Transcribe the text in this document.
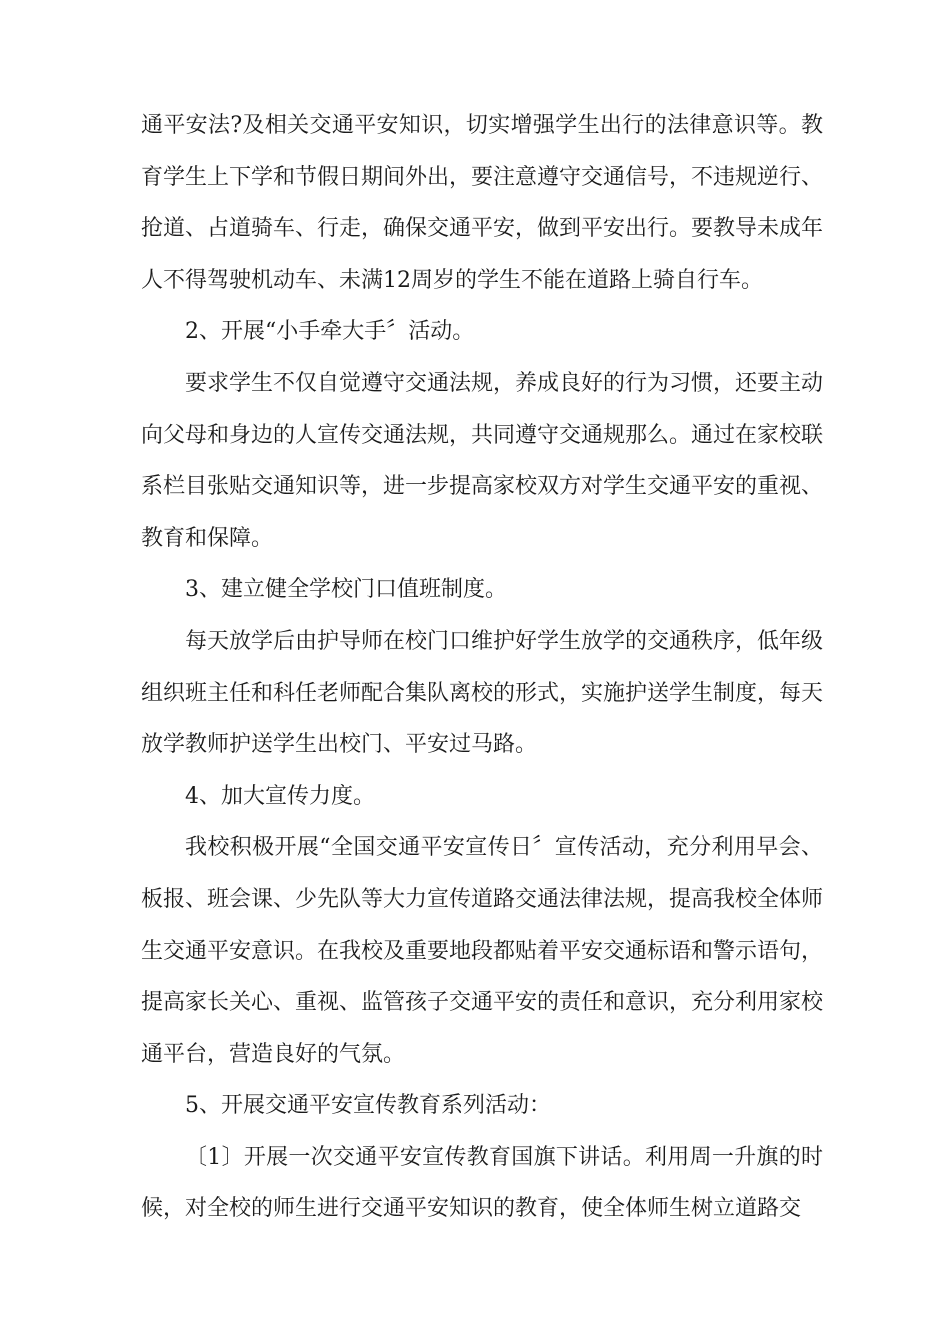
通平安法?及相关交通平安知识，切实增强学生出行的法律意识等。教育学生上下学和节假日期间外出，要注意遵守交通信号，不违规逆行、抢道、占道骑车、行走，确保交通平安，做到平安出行。要教导未成年人不得驾驶机动车、未满12周岁的学生不能在道路上骑自行车。

2、开展“小手牵大手〞活动。

要求学生不仅自觉遵守交通法规，养成良好的行为习惯，还要主动向父母和身边的人宣传交通法规，共同遵守交通规那么。通过在家校联系栏目张贴交通知识等，进一步提高家校双方对学生交通平安的重视、教育和保障。

3、建立健全学校门口值班制度。

每天放学后由护导师在校门口维护好学生放学的交通秩序，低年级组织班主任和科任老师配合集队离校的形式，实施护送学生制度，每天放学教师护送学生出校门、平安过马路。

4、加大宣传力度。

我校积极开展“全国交通平安宣传日〞宣传活动，充分利用早会、板报、班会课、少先队等大力宣传道路交通法律法规，提高我校全体师生交通平安意识。在我校及重要地段都贴着平安交通标语和警示语句，提高家长关心、重视、监管孩子交通平安的责任和意识，充分利用家校通平台，营造良好的气氛。

5、开展交通平安宣传教育系列活动：

〔1〕开展一次交通平安宣传教育国旗下讲话。利用周一升旗的时候，对全校的师生进行交通平安知识的教育，使全体师生树立道路交
